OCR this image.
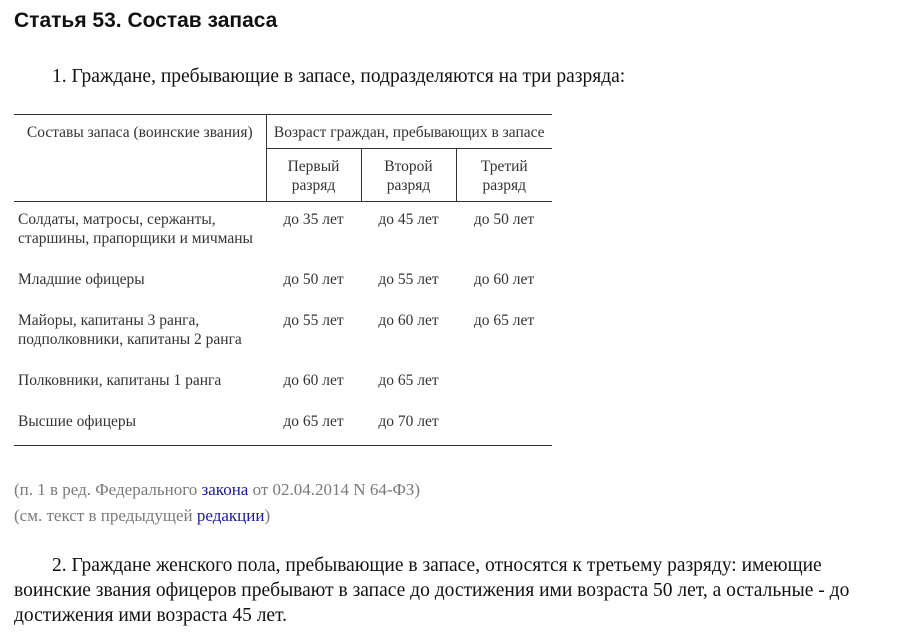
Статья 53. Состав запаса

1. Граждане, пребывающие в запасе, подразделяются на три разряда:

Составы запаса (воинские звания)	Возраст граждан, пребывающих в запасе		
	Первый разряд	Второй разряд	Третий разряд
Солдаты, матросы, сержанты, старшины, прапорщики и мичманы	до 35 лет	до 45 лет	до 50 лет
Младшие офицеры	до 50 лет	до 55 лет	до 60 лет
Майоры, капитаны 3 ранга, подполковники, капитаны 2 ранга	до 55 лет	до 60 лет	до 65 лет
Полковники, капитаны 1 ранга	до 60 лет	до 65 лет	
Высшие офицеры	до 65 лет	до 70 лет	
(п. 1 в ред. Федерального закона от 02.04.2014 N 64-ФЗ)
(см. текст в предыдущей редакции)

2. Граждане женского пола, пребывающие в запасе, относятся к третьему разряду: имеющие воинские звания офицеров пребывают в запасе до достижения ими возраста 50 лет, а остальные - до достижения ими возраста 45 лет.
